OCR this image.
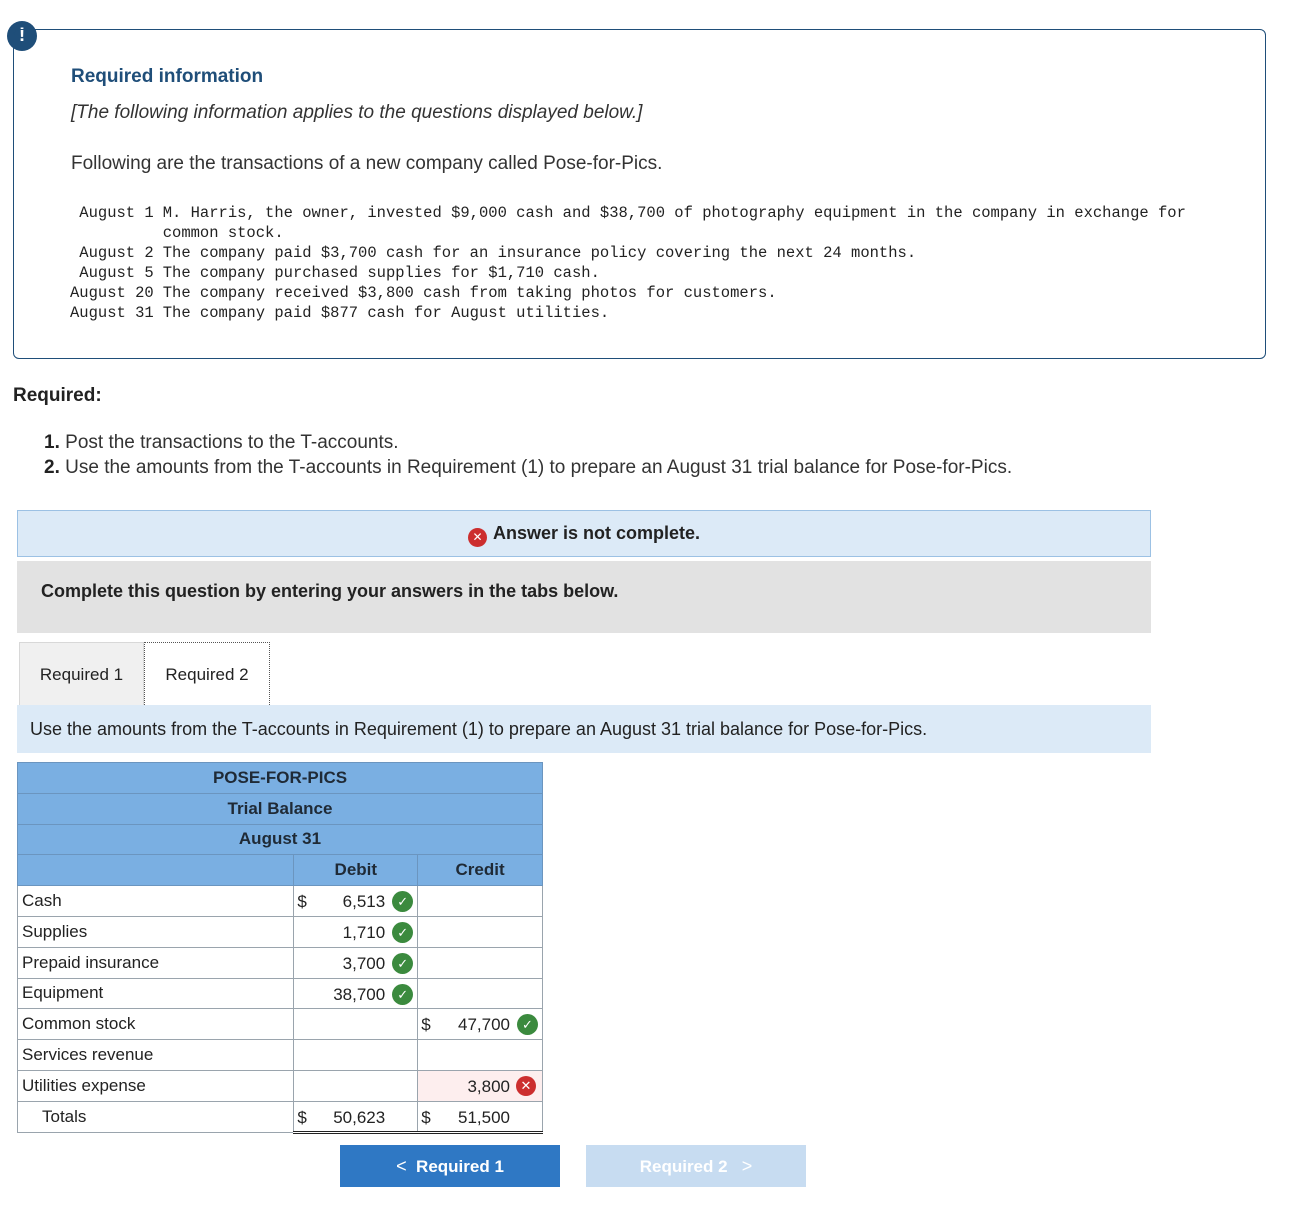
!
Required information
[The following information applies to the questions displayed below.]
Following are the transactions of a new company called Pose-for-Pics.
August 1	M. Harris, the owner, invested $9,000 cash and $38,700 of photography equipment in the company in exchange for common stock.
August 2	The company paid $3,700 cash for an insurance policy covering the next 24 months.
August 5	The company purchased supplies for $1,710 cash.
August 20	The company received $3,800 cash from taking photos for customers.
August 31	The company paid $877 cash for August utilities.
Required:
1. Post the transactions to the T-accounts.
2. Use the amounts from the T-accounts in Requirement (1) to prepare an August 31 trial balance for Pose-for-Pics.
✕ Answer is not complete.
Complete this question by entering your answers in the tabs below.
Required 1	Required 2
Use the amounts from the T-accounts in Requirement (1) to prepare an August 31 trial balance for Pose-for-Pics.
POSE-FOR-PICS		
Trial Balance		
August 31		
	Debit	Credit
Cash	$ 6,513 ✓	

Supplies	1,710 ✓	

Prepaid insurance	3,700 ✓	

Equipment	38,700 ✓	

Common stock		$ 47,700 ✓

Services revenue		
Utilities expense		3,800 ✕

Totals	$ 50,623	$ 51,500
< Required 1	Required 2 >
